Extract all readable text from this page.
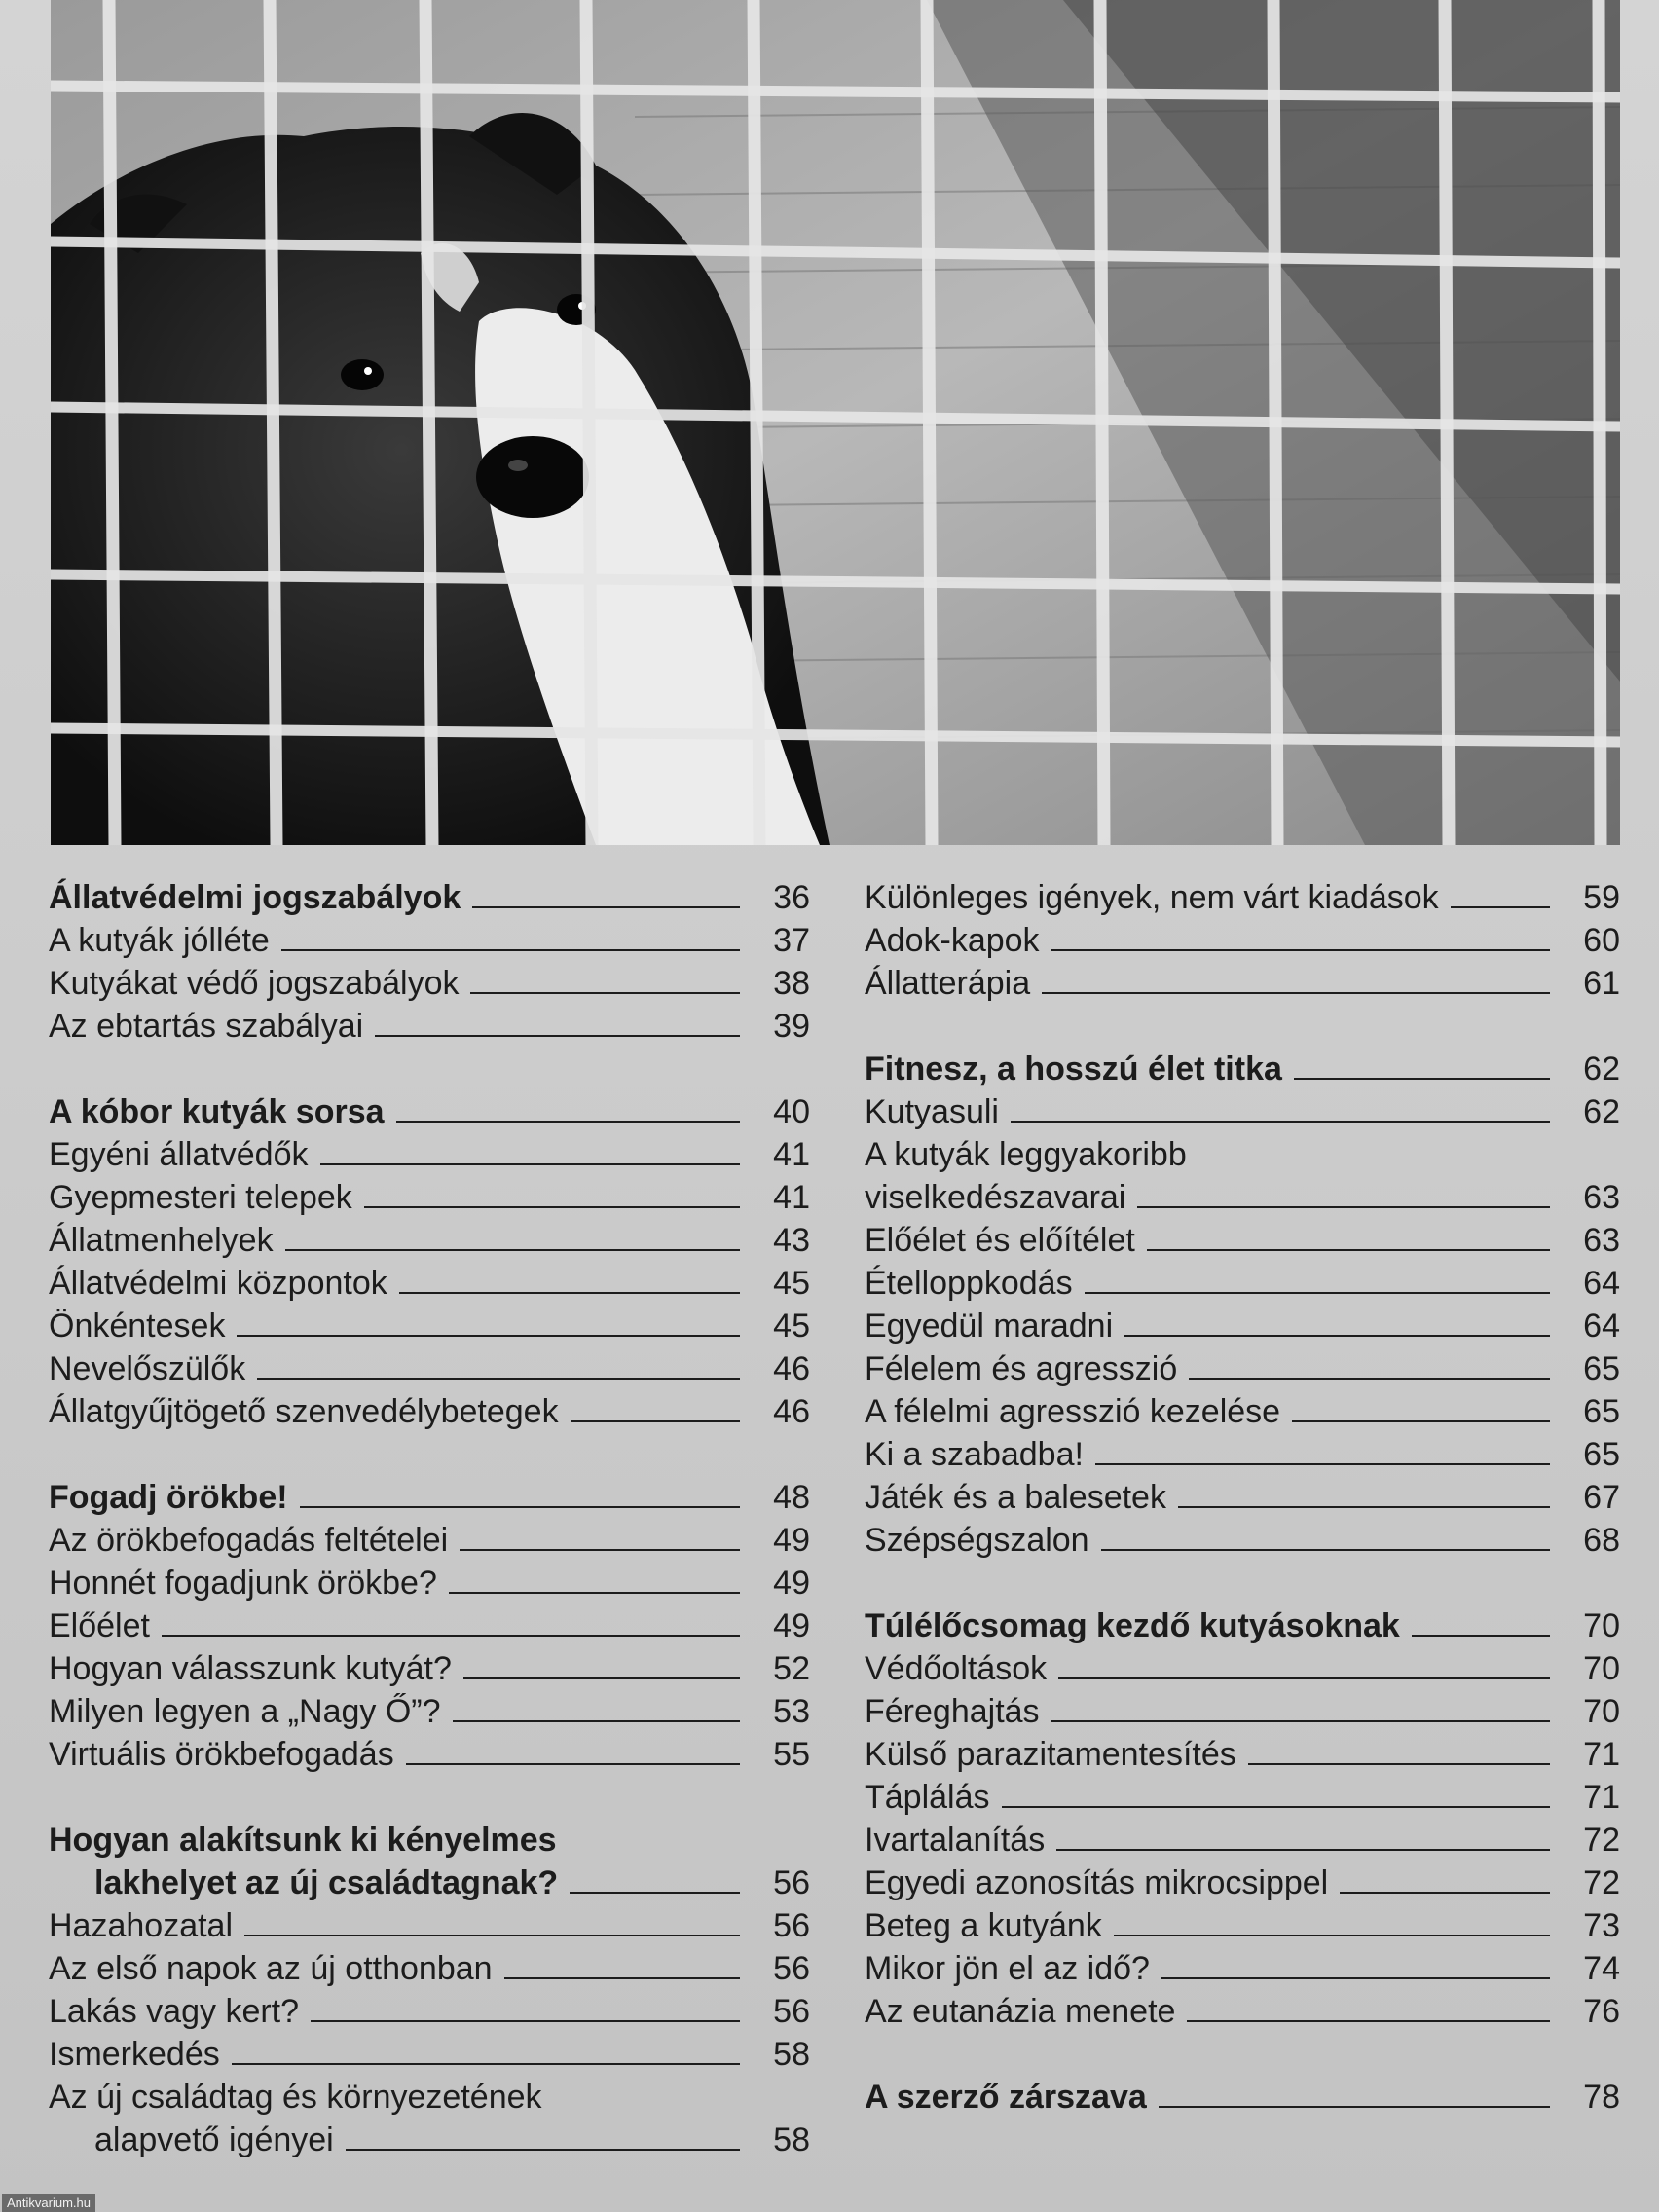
Állatvédelmi jogszabályok	36
A kutyák jólléte	37
Kutyákat védő jogszabályok	38
Az ebtartás szabályai	39
A kóbor kutyák sorsa	40
Egyéni állatvédők	41
Gyepmesteri telepek	41
Állatmenhelyek	43
Állatvédelmi központok	45
Önkéntesek	45
Nevelőszülők	46
Állatgyűjtögető szenvedélybetegek	46
Fogadj örökbe!	48
Az örökbefogadás feltételei	49
Honnét fogadjunk örökbe?	49
Előélet	49
Hogyan válasszunk kutyát?	52
Milyen legyen a „Nagy Ő”?	53
Virtuális örökbefogadás	55
Hogyan alakítsunk ki kényelmes
lakhelyet az új családtagnak?	56
Hazahozatal	56
Az első napok az új otthonban	56
Lakás vagy kert?	56
Ismerkedés	58
Az új családtag és környezetének
alapvető igényei	58
Különleges igények, nem várt kiadások	59
Adok-kapok	60
Állatterápia	61
Fitnesz, a hosszú élet titka	62
Kutyasuli	62
A kutyák leggyakoribb
viselkedészavarai	63
Előélet és előítélet	63
Ételloppkodás	64
Egyedül maradni	64
Félelem és agresszió	65
A félelmi agresszió kezelése	65
Ki a szabadba!	65
Játék és a balesetek	67
Szépségszalon	68
Túlélőcsomag kezdő kutyásoknak	70
Védőoltások	70
Féreghajtás	70
Külső parazitamentesítés	71
Táplálás	71
Ivartalanítás	72
Egyedi azonosítás mikrocsippel	72
Beteg a kutyánk	73
Mikor jön el az idő?	74
Az eutanázia menete	76
A szerző zárszava	78
Antikvarium.hu
